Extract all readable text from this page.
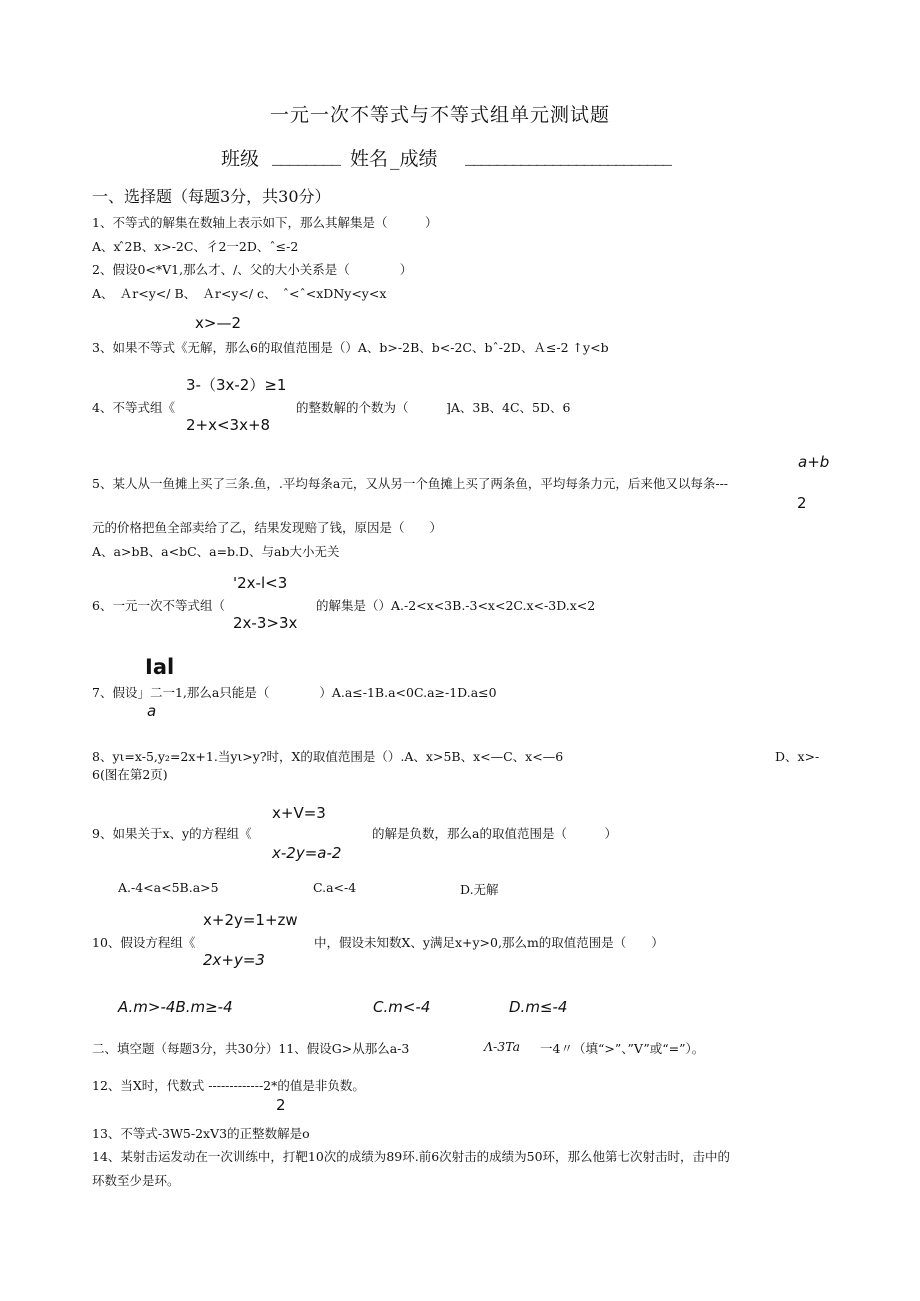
一元一次不等式与不等式组单元测试题
班级 ________ 姓名 _成绩 __________________________
一、选择题（每题3分，共30分）
1、不等式的解集在数轴上表示如下，那么其解集是（　　　）
A、x ̂2B、x>-2C、彳2一2D、ˆ≤-2
2、假设0<*V1,那么才、/、父的大小关系是（　　　　）
A、　Ａr<y</ B、　Ａr<y</ c、　ˆ<ˆ<xDNy<y<x
x>—2
3、如果不等式《无解，那么6的取值范围是（）A、b>-2B、b<-2C、bˆ-2D、Ａ≤-2 ↑y<b
3-（3x-2）≥1
4、不等式组《	的整数解的个数为（　　　]A、3B、4C、5D、6
2+x<3x+8
a+b
5、某人从一鱼摊上买了三条.鱼，.平均每条a元，又从另一个鱼摊上买了两条鱼，平均每条力元，后来他又以每条---
2
元的价格把鱼全部卖给了乙，结果发现赔了钱，原因是（　　）
A、a>bB、a<bC、a=b.D、与ab大小无关
'2x-l<3
6、一元一次不等式组（	的解集是（）A.-2<x<3B.-3<x<2C.x<-3D.x<2
2x-3>3x
Ial
7、假设」二一1,那么a只能是（　　　　）A.a≤-1B.a<0C.a≥-1D.a≤0
a
8、yι=x-5,y₂=2x+1.当yι>y?时，X的取值范围是（）.A、x>5B、x<—C、x<—6	D、x>-
6(图在第2页)
x+V=3
9、如果关于x、y的方程组《	的解是负数，那么a的取值范围是（　　　）
x-2y=a-2
A.-4<a<5B.a>5	C.a<-4	D.无解
x+2y=1+zw
10、假设方程组《	中，假设未知数X、y满足x+y>0,那么m的取值范围是（　　）
2x+y=3
A.m>-4B.m≥-4	C.m<-4	D.m≤-4
二、填空题（每题3分，共30分）11、假设G>从那么a-3	Λ-3Ta 一4〃（填“>”、”V”或“=”）。
12、当X时，代数式 -------------2*的值是非负数。
2
13、不等式-3W5-2xV3的正整数解是o
14、某射击运发动在一次训练中，打靶10次的成绩为89环.前6次射击的成绩为50环，那么他第七次射击时，击中的
环数至少是环。
